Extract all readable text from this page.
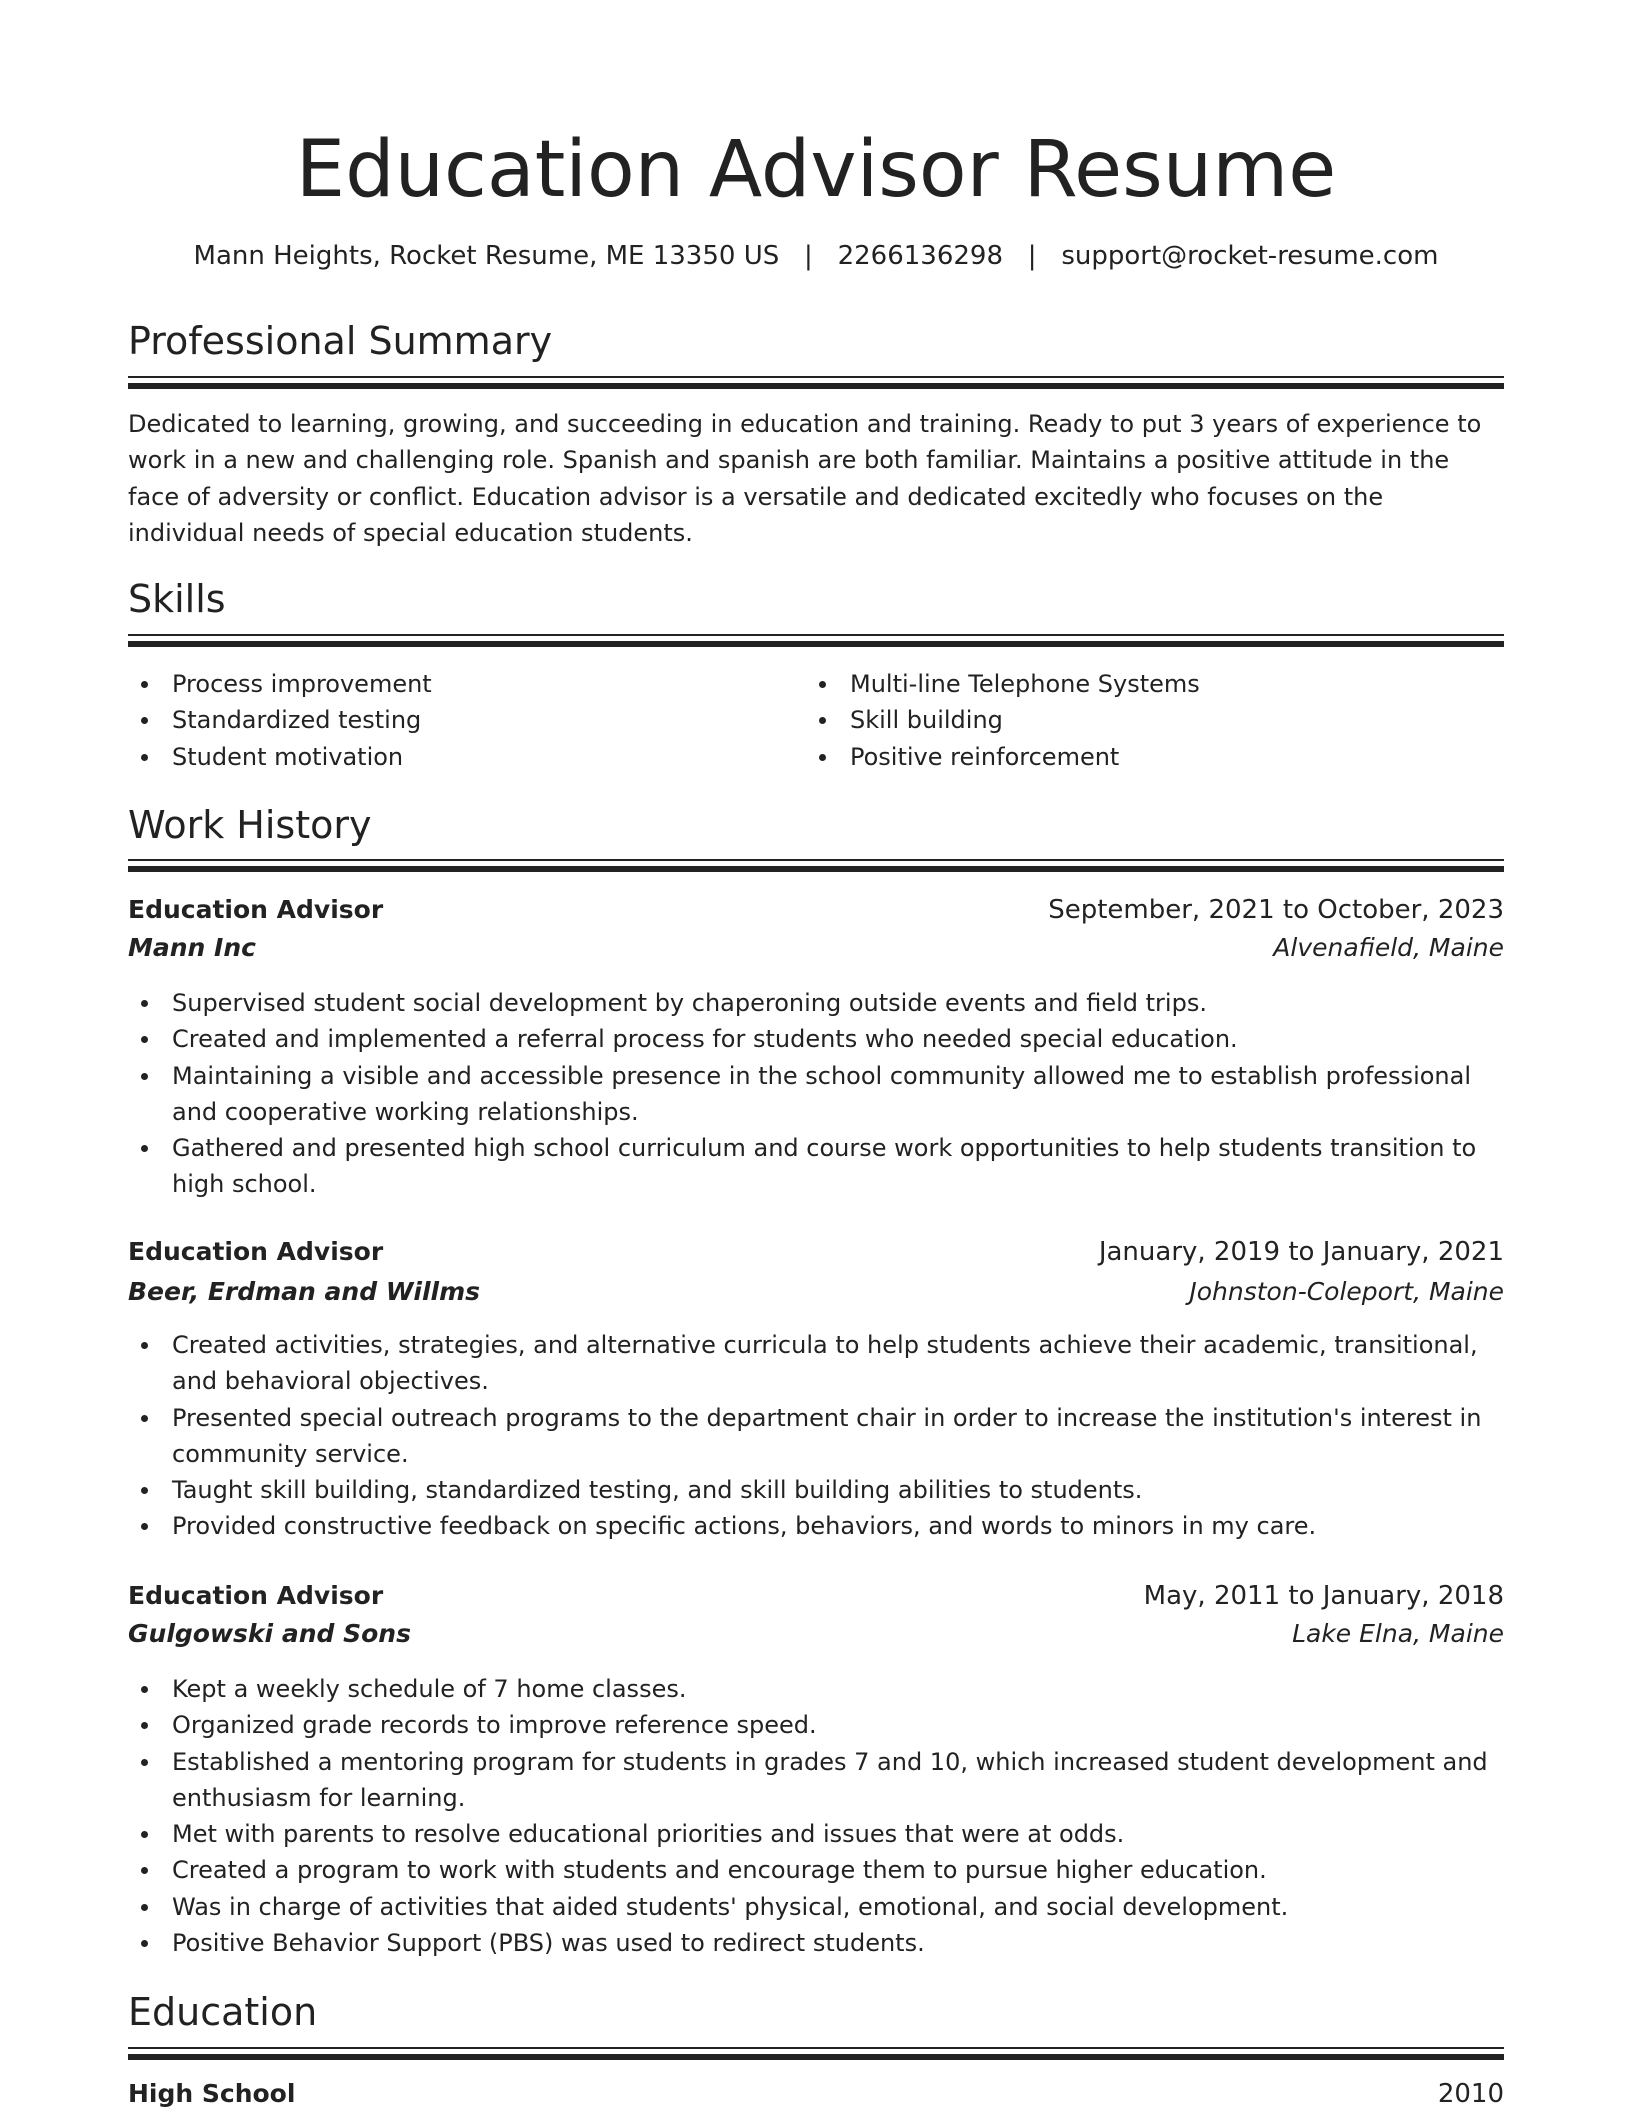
Education Advisor Resume
Mann Heights, Rocket Resume, ME 13350 US   |   2266136298   |   support@rocket-resume.com
Professional Summary

Dedicated to learning, growing, and succeeding in education and training. Ready to put 3 years of experience to work in a new and challenging role. Spanish and spanish are both familiar. Maintains a positive attitude in the face of adversity or conflict. Education advisor is a versatile and dedicated excitedly who focuses on the individual needs of special education students.

Skills
Process improvement
Standardized testing
Student motivation
Multi-line Telephone Systems
Skill building
Positive reinforcement
Work History
Education Advisor	September, 2021 to October, 2023
Mann Inc	Alvenafield, Maine
Supervised student social development by chaperoning outside events and field trips.
Created and implemented a referral process for students who needed special education.
Maintaining a visible and accessible presence in the school community allowed me to establish professional and cooperative working relationships.
Gathered and presented high school curriculum and course work opportunities to help students transition to high school.
Education Advisor	January, 2019 to January, 2021
Beer, Erdman and Willms	Johnston-Coleport, Maine
Created activities, strategies, and alternative curricula to help students achieve their academic, transitional, and behavioral objectives.
Presented special outreach programs to the department chair in order to increase the institution's interest in community service.
Taught skill building, standardized testing, and skill building abilities to students.
Provided constructive feedback on specific actions, behaviors, and words to minors in my care.
Education Advisor	May, 2011 to January, 2018
Gulgowski and Sons	Lake Elna, Maine
Kept a weekly schedule of 7 home classes.
Organized grade records to improve reference speed.
Established a mentoring program for students in grades 7 and 10, which increased student development and enthusiasm for learning.
Met with parents to resolve educational priorities and issues that were at odds.
Created a program to work with students and encourage them to pursue higher education.
Was in charge of activities that aided students' physical, emotional, and social development.
Positive Behavior Support (PBS) was used to redirect students.
Education
High School	2010
